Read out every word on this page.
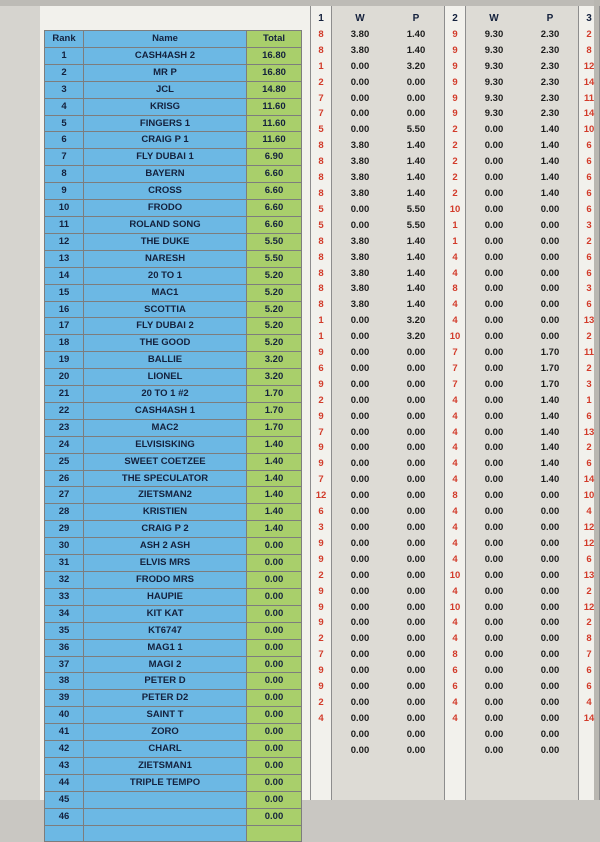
Rank	Name	Total
1	CASH4ASH 2	16.80
2	MR P	16.80
3	JCL	14.80
4	KRISG	11.60
5	FINGERS 1	11.60
6	CRAIG P 1	11.60
7	FLY DUBAI 1	6.90
8	BAYERN	6.60
9	CROSS	6.60
10	FRODO	6.60
11	ROLAND SONG	6.60
12	THE DUKE	5.50
13	NARESH	5.50
14	20 TO 1	5.20
15	MAC1	5.20
16	SCOTTIA	5.20
17	FLY DUBAI 2	5.20
18	THE GOOD	5.20
19	BALLIE	3.20
20	LIONEL	3.20
21	20 TO 1 #2	1.70
22	CASH4ASH 1	1.70
23	MAC2	1.70
24	ELVISISKING	1.40
25	SWEET COETZEE	1.40
26	THE SPECULATOR	1.40
27	ZIETSMAN2	1.40
28	KRISTIEN	1.40
29	CRAIG P 2	1.40
30	ASH 2 ASH	0.00
31	ELVIS MRS	0.00
32	FRODO MRS	0.00
33	HAUPIE	0.00
34	KIT KAT	0.00
35	KT6747	0.00
36	MAG1 1	0.00
37	MAGI 2	0.00
38	PETER D	0.00
39	PETER D2	0.00
40	SAINT T	0.00
41	ZORO	0.00
42	CHARL	0.00
43	ZIETSMAN1	0.00
44	TRIPLE TEMPO	0.00
45		0.00
46		0.00

1	W	P	2	W	P	3
8	3.80	1.40	9	9.30	2.30	2
8	3.80	1.40	9	9.30	2.30	8
1	0.00	3.20	9	9.30	2.30	12
2	0.00	0.00	9	9.30	2.30	14
7	0.00	0.00	9	9.30	2.30	11
7	0.00	0.00	9	9.30	2.30	14
5	0.00	5.50	2	0.00	1.40	10
8	3.80	1.40	2	0.00	1.40	6
8	3.80	1.40	2	0.00	1.40	6
8	3.80	1.40	2	0.00	1.40	6
8	3.80	1.40	2	0.00	1.40	6
5	0.00	5.50	10	0.00	0.00	6
5	0.00	5.50	1	0.00	0.00	3
8	3.80	1.40	1	0.00	0.00	2
8	3.80	1.40	4	0.00	0.00	6
8	3.80	1.40	4	0.00	0.00	6
8	3.80	1.40	8	0.00	0.00	3
8	3.80	1.40	4	0.00	0.00	6
1	0.00	3.20	4	0.00	0.00	13
1	0.00	3.20	10	0.00	0.00	2
9	0.00	0.00	7	0.00	1.70	11
6	0.00	0.00	7	0.00	1.70	2
9	0.00	0.00	7	0.00	1.70	3
2	0.00	0.00	4	0.00	1.40	1
9	0.00	0.00	4	0.00	1.40	6
7	0.00	0.00	4	0.00	1.40	13
9	0.00	0.00	4	0.00	1.40	2
9	0.00	0.00	4	0.00	1.40	6
7	0.00	0.00	4	0.00	1.40	14
12	0.00	0.00	8	0.00	0.00	10
6	0.00	0.00	4	0.00	0.00	4
3	0.00	0.00	4	0.00	0.00	12
9	0.00	0.00	4	0.00	0.00	12
9	0.00	0.00	4	0.00	0.00	6
2	0.00	0.00	10	0.00	0.00	13
9	0.00	0.00	4	0.00	0.00	2
9	0.00	0.00	10	0.00	0.00	12
9	0.00	0.00	4	0.00	0.00	2
2	0.00	0.00	4	0.00	0.00	8
7	0.00	0.00	8	0.00	0.00	7
9	0.00	0.00	6	0.00	0.00	6
9	0.00	0.00	6	0.00	0.00	6
2	0.00	0.00	4	0.00	0.00	4
4	0.00	0.00	4	0.00	0.00	14
	0.00	0.00		0.00	0.00	
	0.00	0.00		0.00	0.00	
